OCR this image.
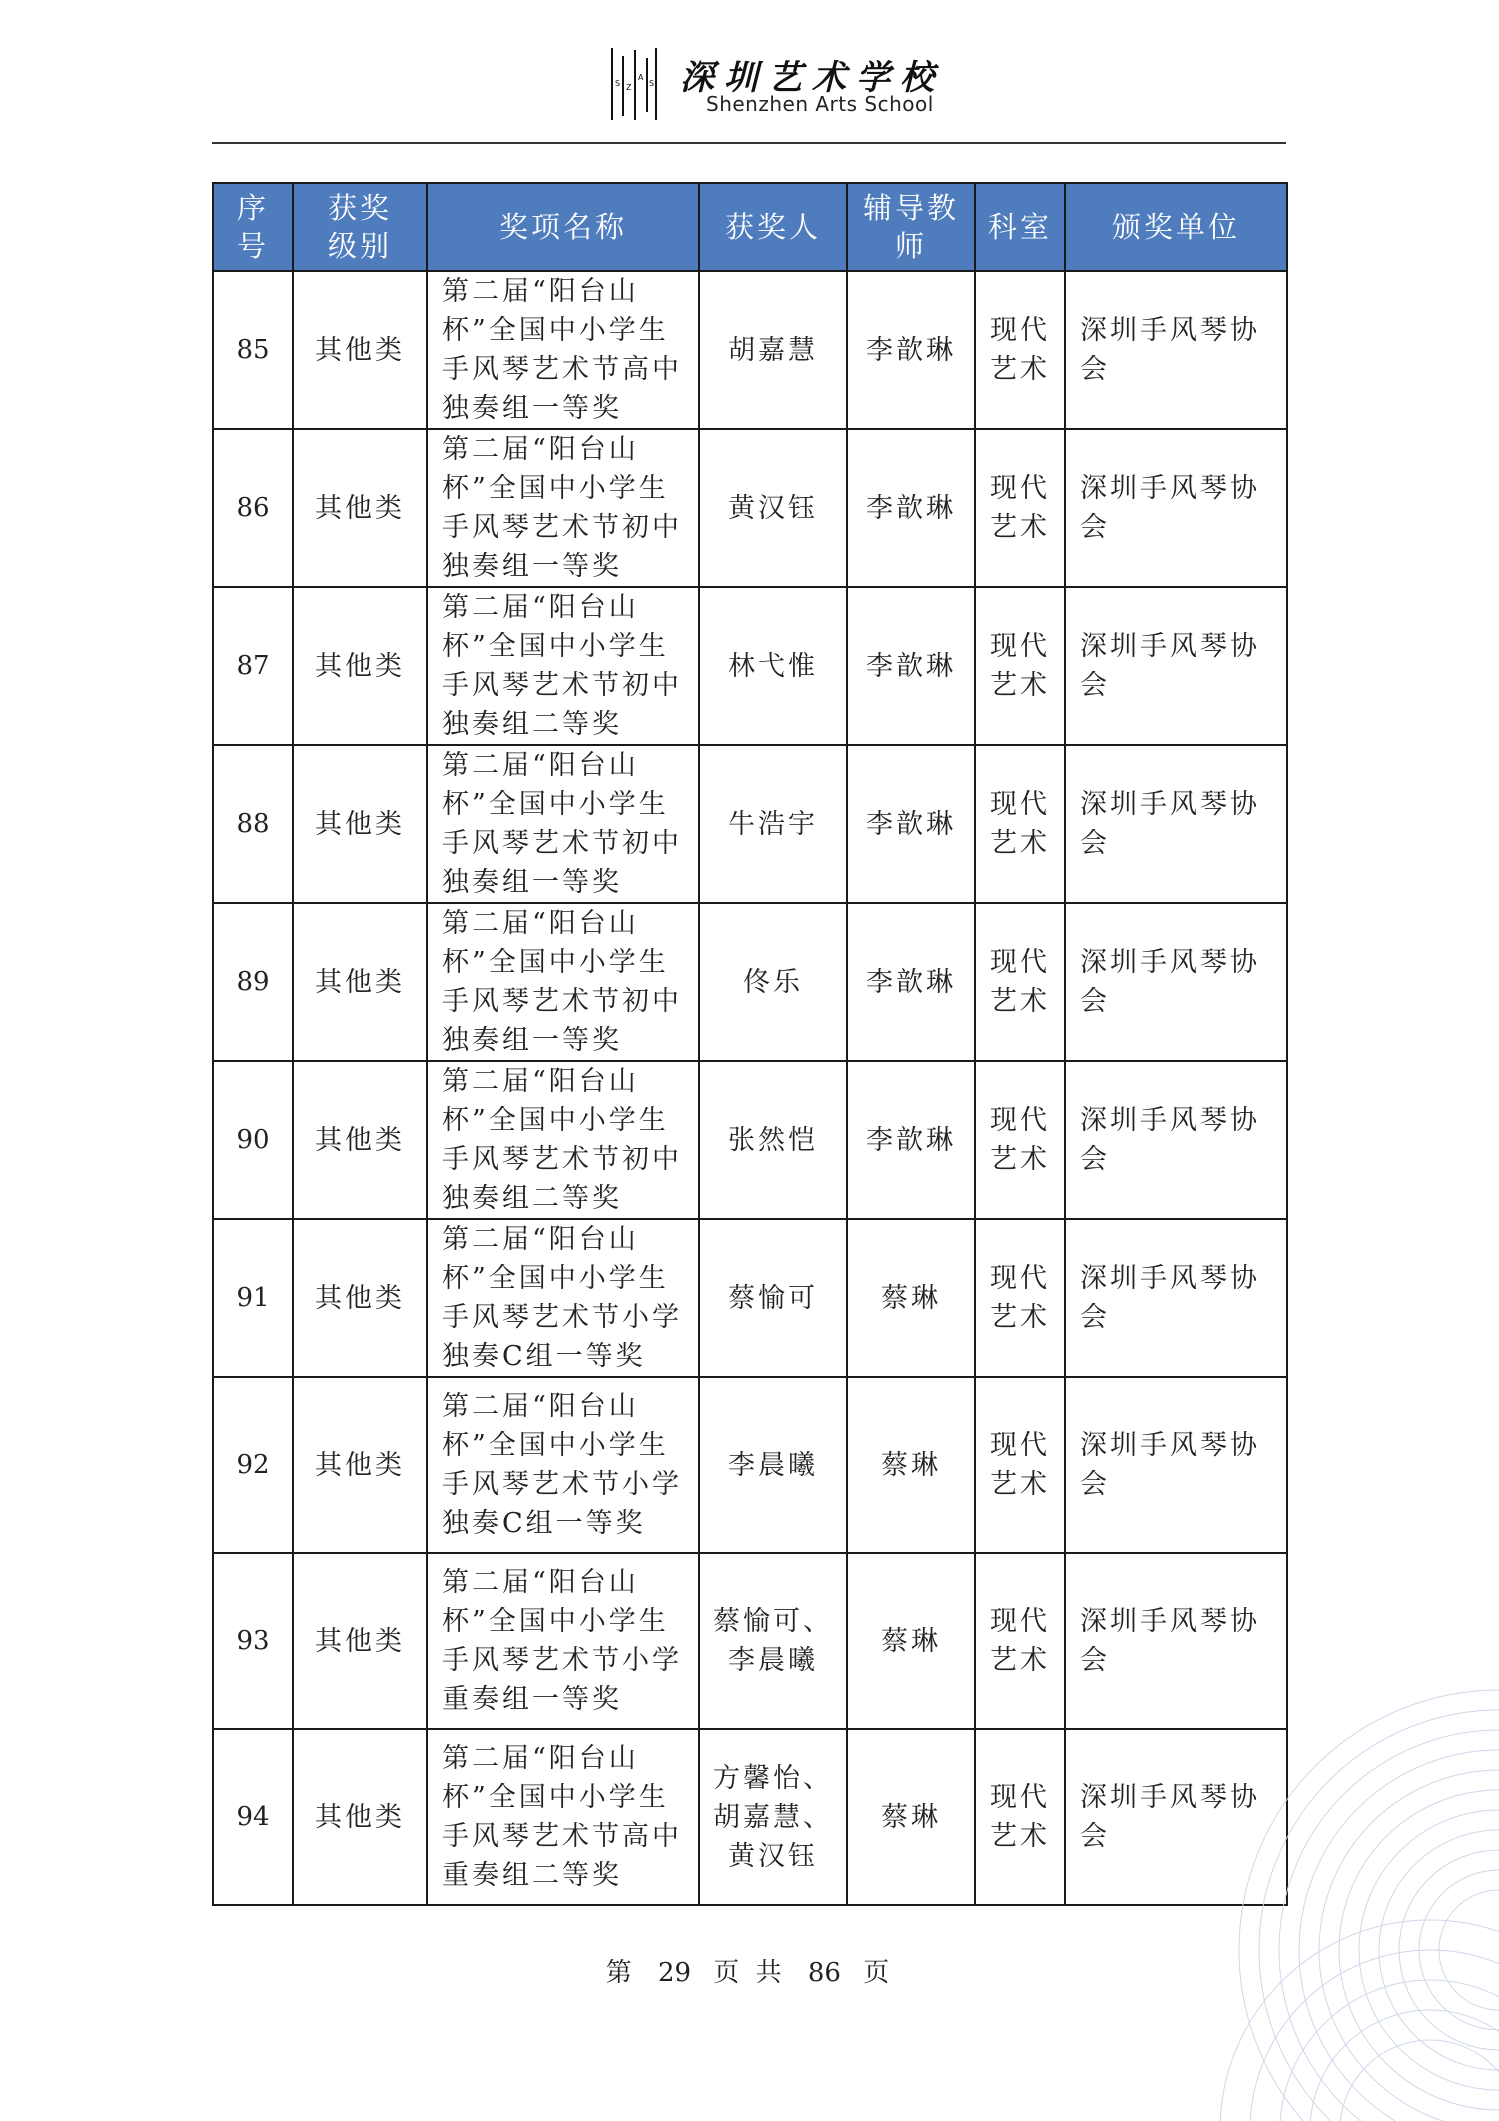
S Z
A
S 深圳艺术学校
Shenzhen Arts School
序号	获奖级别	奖项名称	获奖人	辅导教师	科室	颁奖单位
85	其他类	第二届“阳台山杯”全国中小学生手风琴艺术节高中独奏组一等奖	胡嘉慧	李歆琳	现代艺术	深圳手风琴协会
86	其他类	第二届“阳台山杯”全国中小学生手风琴艺术节初中独奏组一等奖	黄汉钰	李歆琳	现代艺术	深圳手风琴协会
87	其他类	第二届“阳台山杯”全国中小学生手风琴艺术节初中独奏组二等奖	林弋惟	李歆琳	现代艺术	深圳手风琴协会
88	其他类	第二届“阳台山杯”全国中小学生手风琴艺术节初中独奏组一等奖	牛浩宇	李歆琳	现代艺术	深圳手风琴协会
89	其他类	第二届“阳台山杯”全国中小学生手风琴艺术节初中独奏组一等奖	佟乐	李歆琳	现代艺术	深圳手风琴协会
90	其他类	第二届“阳台山杯”全国中小学生手风琴艺术节初中独奏组二等奖	张然恺	李歆琳	现代艺术	深圳手风琴协会
91	其他类	第二届“阳台山杯”全国中小学生手风琴艺术节小学独奏C组一等奖	蔡愉可	蔡琳	现代艺术	深圳手风琴协会
92	其他类	第二届“阳台山杯”全国中小学生手风琴艺术节小学独奏C组一等奖	李晨曦	蔡琳	现代艺术	深圳手风琴协会
93	其他类	第二届“阳台山杯”全国中小学生手风琴艺术节小学重奏组一等奖	蔡愉可、李晨曦	蔡琳	现代艺术	深圳手风琴协会
94	其他类	第二届“阳台山杯”全国中小学生手风琴艺术节高中重奏组二等奖	方馨怡、胡嘉慧、黄汉钰	蔡琳	现代艺术	深圳手风琴协会
第 29 页 共 86 页
